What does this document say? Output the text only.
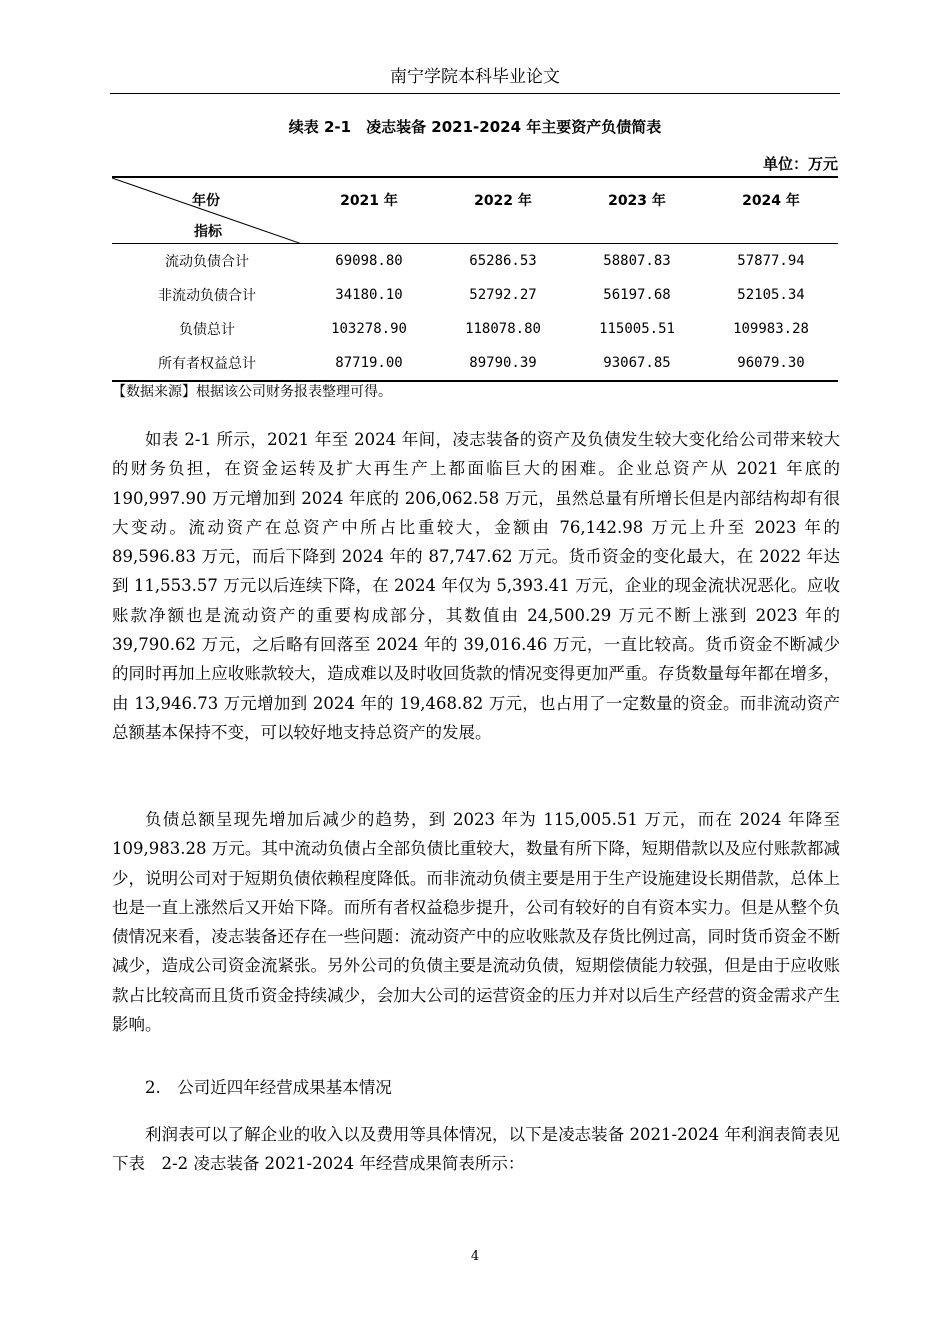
南宁学院本科毕业论文
续表 2-1　凌志装备 2021-2024 年主要资产负债简表
单位：万元
年份
指标	2021 年	2022 年	2023 年	2024 年
流动负债合计	69098.80	65286.53	58807.83	57877.94
非流动负债合计	34180.10	52792.27	56197.68	52105.34
负债总计	103278.90	118078.80	115005.51	109983.28
所有者权益总计	87719.00	89790.39	93067.85	96079.30
【数据来源】根据该公司财务报表整理可得。

如表 2-1 所示，2021 年至 2024 年间，凌志装备的资产及负债发生较大变化给公司带来较大的财务负担，在资金运转及扩大再生产上都面临巨大的困难。企业总资产从 2021 年底的 190,997.90 万元增加到 2024 年底的 206,062.58 万元，虽然总量有所增长但是内部结构却有很大变动。流动资产在总资产中所占比重较大，金额由 76,142.98 万元上升至 2023 年的 89,596.83 万元，而后下降到 2024 年的 87,747.62 万元。货币资金的变化最大，在 2022 年达到 11,553.57 万元以后连续下降，在 2024 年仅为 5,393.41 万元，企业的现金流状况恶化。应收账款净额也是流动资产的重要构成部分，其数值由 24,500.29 万元不断上涨到 2023 年的 39,790.62 万元，之后略有回落至 2024 年的 39,016.46 万元，一直比较高。货币资金不断减少的同时再加上应收账款较大，造成难以及时收回货款的情况变得更加严重。存货数量每年都在增多，由 13,946.73 万元增加到 2024 年的 19,468.82 万元，也占用了一定数量的资金。而非流动资产总额基本保持不变，可以较好地支持总资产的发展。

负债总额呈现先增加后减少的趋势，到 2023 年为 115,005.51 万元，而在 2024 年降至 109,983.28 万元。其中流动负债占全部负债比重较大，数量有所下降，短期借款以及应付账款都减少，说明公司对于短期负债依赖程度降低。而非流动负债主要是用于生产设施建设长期借款，总体上也是一直上涨然后又开始下降。而所有者权益稳步提升，公司有较好的自有资本实力。但是从整个负债情况来看，凌志装备还存在一些问题：流动资产中的应收账款及存货比例过高，同时货币资金不断减少，造成公司资金流紧张。另外公司的负债主要是流动负债，短期偿债能力较强，但是由于应收账款占比较高而且货币资金持续减少，会加大公司的运营资金的压力并对以后生产经营的资金需求产生影响。

2.　公司近四年经营成果基本情况

利润表可以了解企业的收入以及费用等具体情况，以下是凌志装备 2021-2024 年利润表简表见下表　2-2 凌志装备 2021-2024 年经营成果简表所示：

4
